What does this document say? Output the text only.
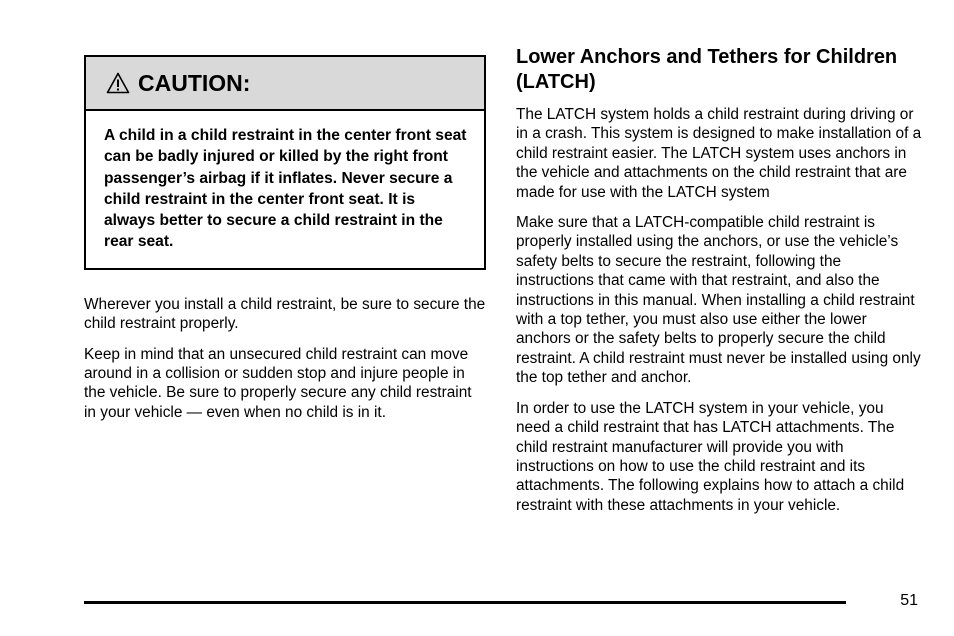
CAUTION:
A child in a child restraint in the center front seat can be badly injured or killed by the right front passenger’s airbag if it inflates. Never secure a child restraint in the center front seat. It is always better to secure a child restraint in the rear seat.

Wherever you install a child restraint, be sure to secure the child restraint properly.

Keep in mind that an unsecured child restraint can move around in a collision or sudden stop and injure people in the vehicle. Be sure to properly secure any child restraint in your vehicle — even when no child is in it.

Lower Anchors and Tethers for Children (LATCH)

The LATCH system holds a child restraint during driving or in a crash. This system is designed to make installation of a child restraint easier. The LATCH system uses anchors in the vehicle and attachments on the child restraint that are made for use with the LATCH system

Make sure that a LATCH-compatible child restraint is properly installed using the anchors, or use the vehicle’s safety belts to secure the restraint, following the instructions that came with that restraint, and also the instructions in this manual. When installing a child restraint with a top tether, you must also use either the lower anchors or the safety belts to properly secure the child restraint. A child restraint must never be installed using only the top tether and anchor.

In order to use the LATCH system in your vehicle, you need a child restraint that has LATCH attachments. The child restraint manufacturer will provide you with instructions on how to use the child restraint and its attachments. The following explains how to attach a child restraint with these attachments in your vehicle.

51
